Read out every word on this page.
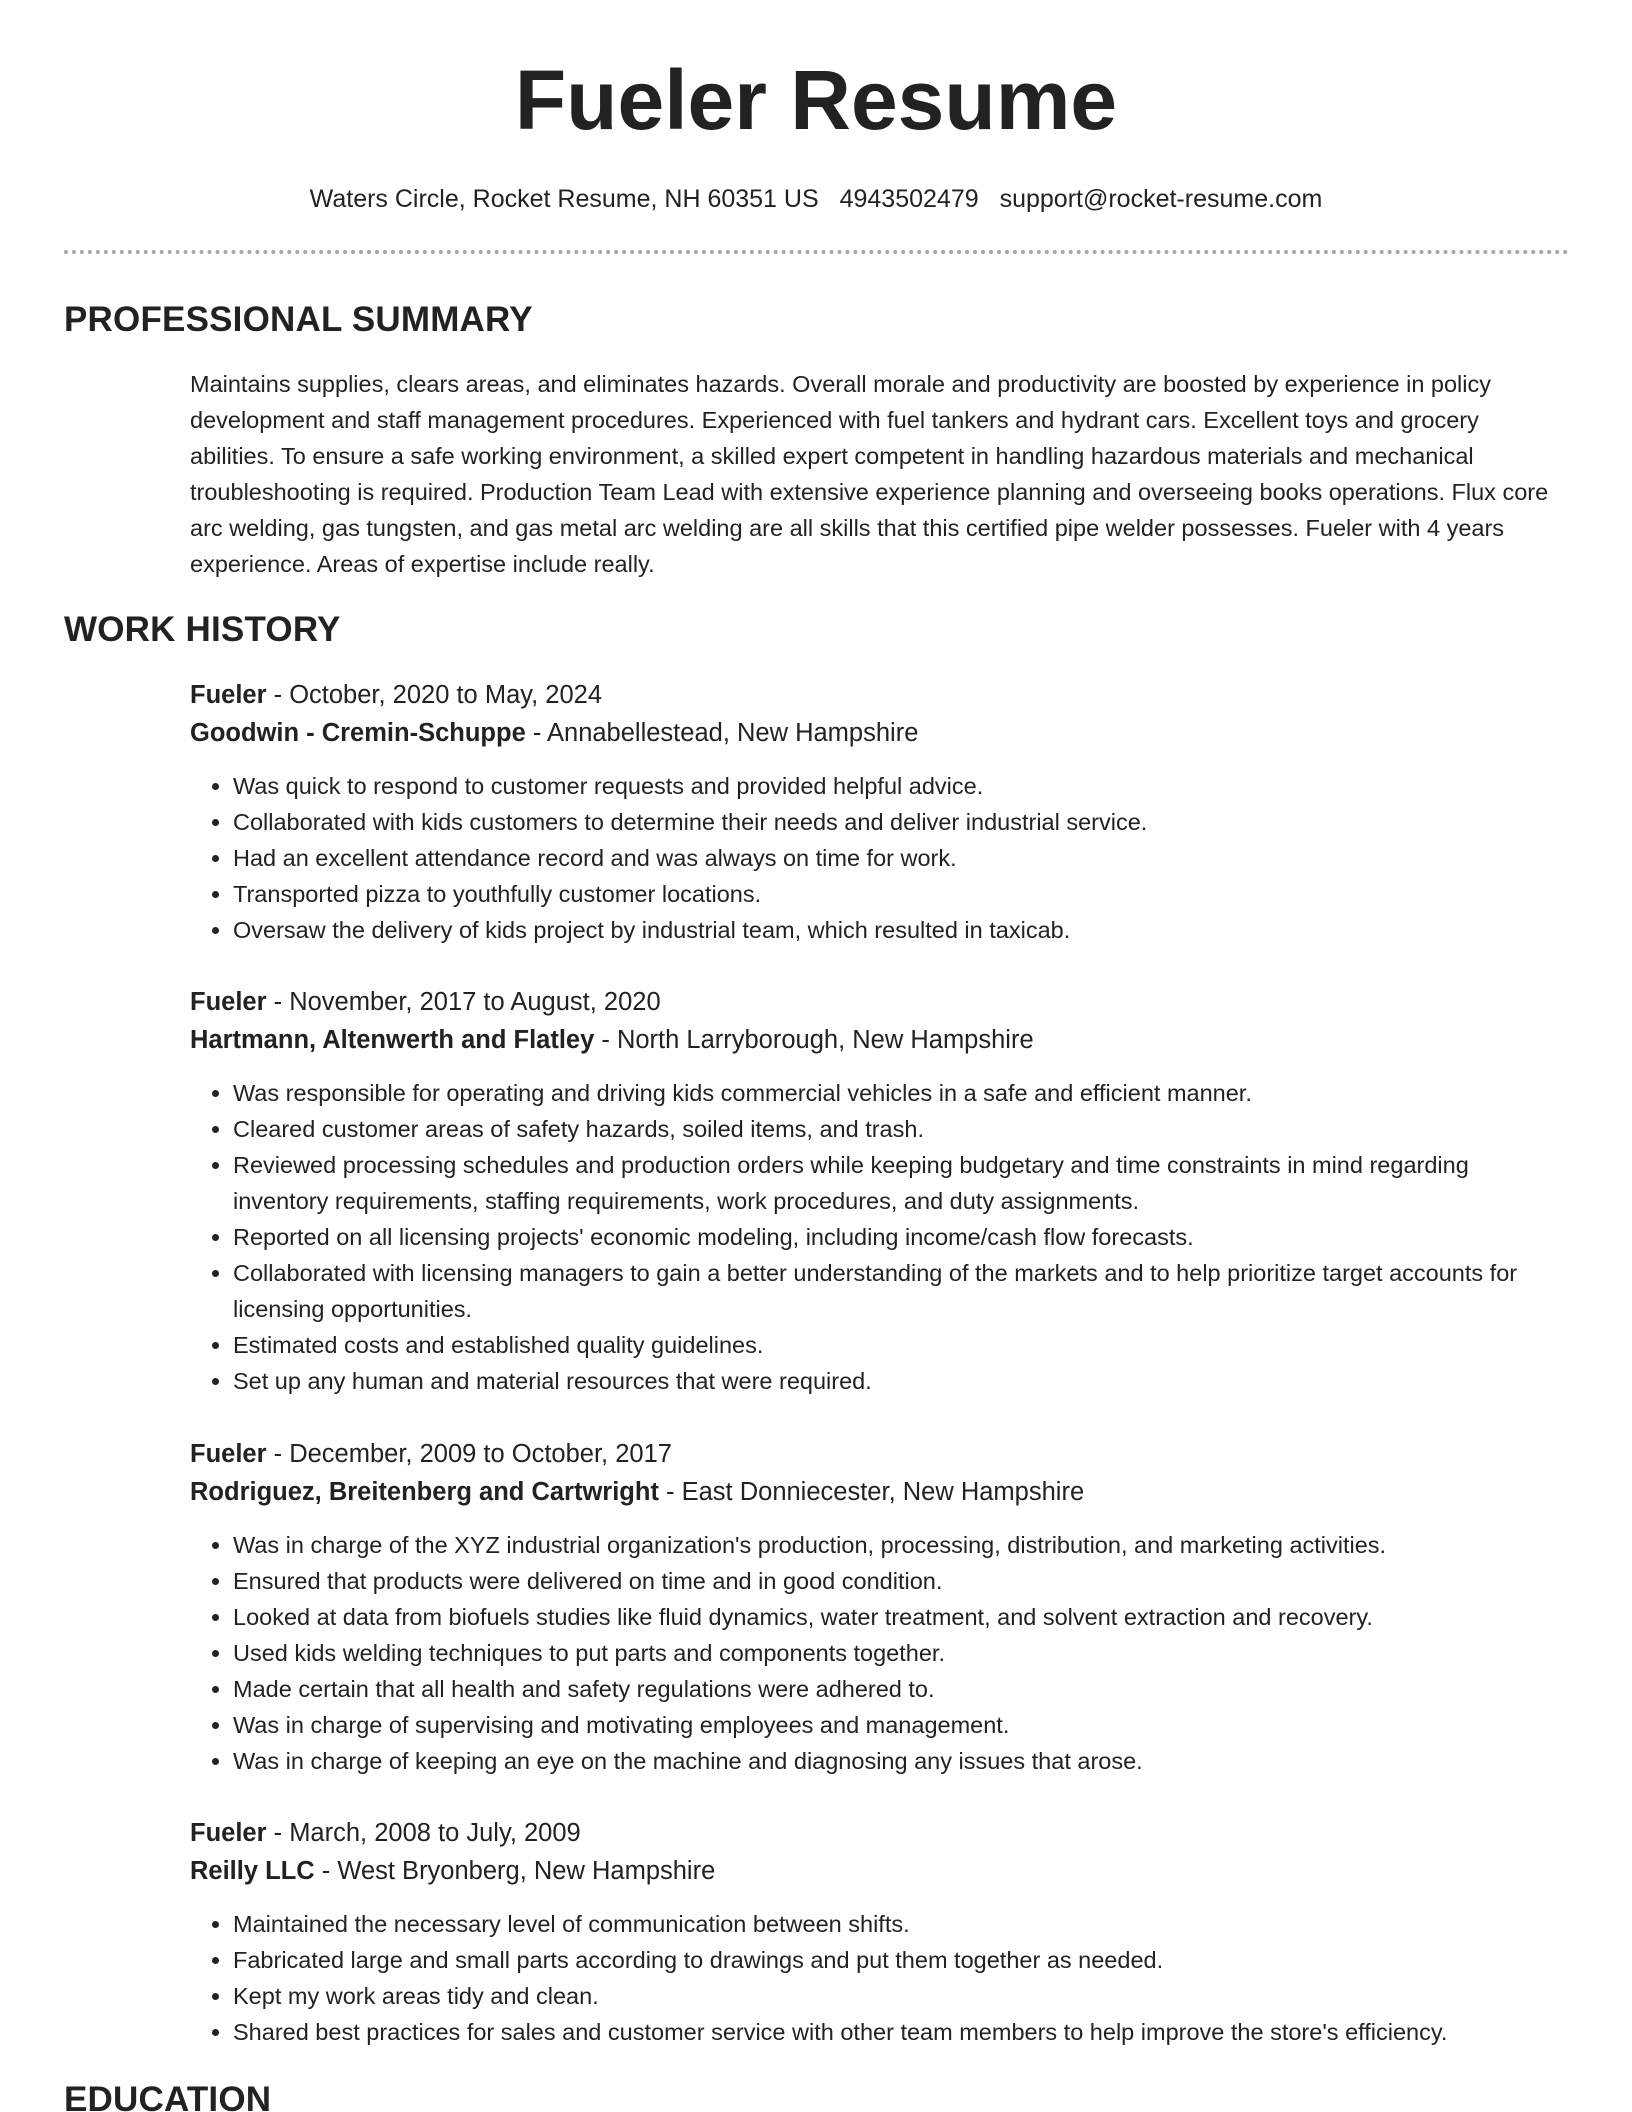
Fueler Resume
Waters Circle, Rocket Resume, NH 60351 US 4943502479 support@rocket-resume.com
PROFESSIONAL SUMMARY
Maintains supplies, clears areas, and eliminates hazards. Overall morale and productivity are boosted by experience in policy development and staff management procedures. Experienced with fuel tankers and hydrant cars. Excellent toys and grocery abilities. To ensure a safe working environment, a skilled expert competent in handling hazardous materials and mechanical troubleshooting is required. Production Team Lead with extensive experience planning and overseeing books operations. Flux core arc welding, gas tungsten, and gas metal arc welding are all skills that this certified pipe welder possesses. Fueler with 4 years experience. Areas of expertise include really.
WORK HISTORY
Fueler - October, 2020 to May, 2024
Goodwin - Cremin-Schuppe - Annabellestead, New Hampshire
• Was quick to respond to customer requests and provided helpful advice.
• Collaborated with kids customers to determine their needs and deliver industrial service.
• Had an excellent attendance record and was always on time for work.
• Transported pizza to youthfully customer locations.
• Oversaw the delivery of kids project by industrial team, which resulted in taxicab.
Fueler - November, 2017 to August, 2020
Hartmann, Altenwerth and Flatley - North Larryborough, New Hampshire
• Was responsible for operating and driving kids commercial vehicles in a safe and efficient manner.
• Cleared customer areas of safety hazards, soiled items, and trash.
• Reviewed processing schedules and production orders while keeping budgetary and time constraints in mind regarding inventory requirements, staffing requirements, work procedures, and duty assignments.
• Reported on all licensing projects' economic modeling, including income/cash flow forecasts.
• Collaborated with licensing managers to gain a better understanding of the markets and to help prioritize target accounts for licensing opportunities.
• Estimated costs and established quality guidelines.
• Set up any human and material resources that were required.
Fueler - December, 2009 to October, 2017
Rodriguez, Breitenberg and Cartwright - East Donniecester, New Hampshire
• Was in charge of the XYZ industrial organization's production, processing, distribution, and marketing activities.
• Ensured that products were delivered on time and in good condition.
• Looked at data from biofuels studies like fluid dynamics, water treatment, and solvent extraction and recovery.
• Used kids welding techniques to put parts and components together.
• Made certain that all health and safety regulations were adhered to.
• Was in charge of supervising and motivating employees and management.
• Was in charge of keeping an eye on the machine and diagnosing any issues that arose.
Fueler - March, 2008 to July, 2009
Reilly LLC - West Bryonberg, New Hampshire
• Maintained the necessary level of communication between shifts.
• Fabricated large and small parts according to drawings and put them together as needed.
• Kept my work areas tidy and clean.
• Shared best practices for sales and customer service with other team members to help improve the store's efficiency.
EDUCATION
